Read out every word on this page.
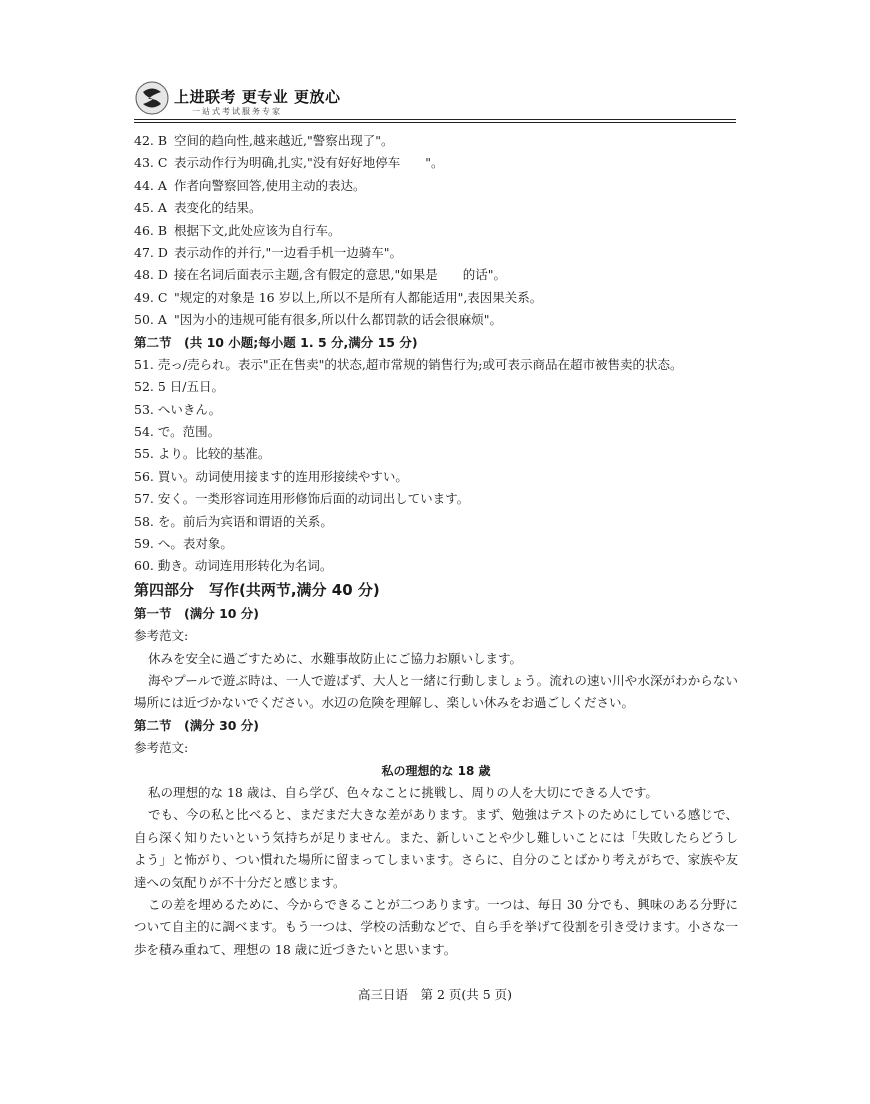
上进联考 更专业 更放心
一站式考试服务专家
42. B 空间的趋向性,越来越近,"警察出现了"。
43. C 表示动作行为明确,扎实,"没有好好地停车　　"。
44. A 作者向警察回答,使用主动的表达。
45. A 表变化的结果。
46. B 根据下文,此处应该为自行车。
47. D 表示动作的并行,"一边看手机一边骑车"。
48. D 接在名词后面表示主题,含有假定的意思,"如果是　　的话"。
49. C "规定的对象是 16 岁以上,所以不是所有人都能适用",表因果关系。
50. A "因为小的违规可能有很多,所以什么都罚款的话会很麻烦"。
第二节　(共 10 小题;每小题 1. 5 分,满分 15 分)
51. 売っ/売られ。表示"正在售卖"的状态,超市常规的销售行为;或可表示商品在超市被售卖的状态。
52. 5 日/五日。
53. へいきん。
54. で。范围。
55. より。比较的基准。
56. 買い。动词使用接ます的连用形接续やすい。
57. 安く。一类形容词连用形修饰后面的动词出しています。
58. を。前后为宾语和谓语的关系。
59. へ。表对象。
60. 動き。动词连用形转化为名词。
第四部分　写作(共两节,满分 40 分)
第一节　(满分 10 分)
参考范文:
休みを安全に過ごすために、水難事故防止にご協力お願いします。
海やプールで遊ぶ時は、一人で遊ばず、大人と一緒に行動しましょう。流れの速い川や水深がわからない場所には近づかないでください。水辺の危険を理解し、楽しい休みをお過ごしください。
第二节　(满分 30 分)
参考范文:
私の理想的な 18 歳
私の理想的な 18 歳は、自ら学び、色々なことに挑戦し、周りの人を大切にできる人です。
でも、今の私と比べると、まだまだ大きな差があります。まず、勉強はテストのためにしている感じで、自ら深く知りたいという気持ちが足りません。また、新しいことや少し難しいことには「失敗したらどうしよう」と怖がり、つい慣れた場所に留まってしまいます。さらに、自分のことばかり考えがちで、家族や友達への気配りが不十分だと感じます。
この差を埋めるために、今からできることが二つあります。一つは、毎日 30 分でも、興味のある分野について自主的に調べます。もう一つは、学校の活動などで、自ら手を挙げて役割を引き受けます。小さな一歩を積み重ねて、理想の 18 歳に近づきたいと思います。
高三日语　第 2 页(共 5 页)
